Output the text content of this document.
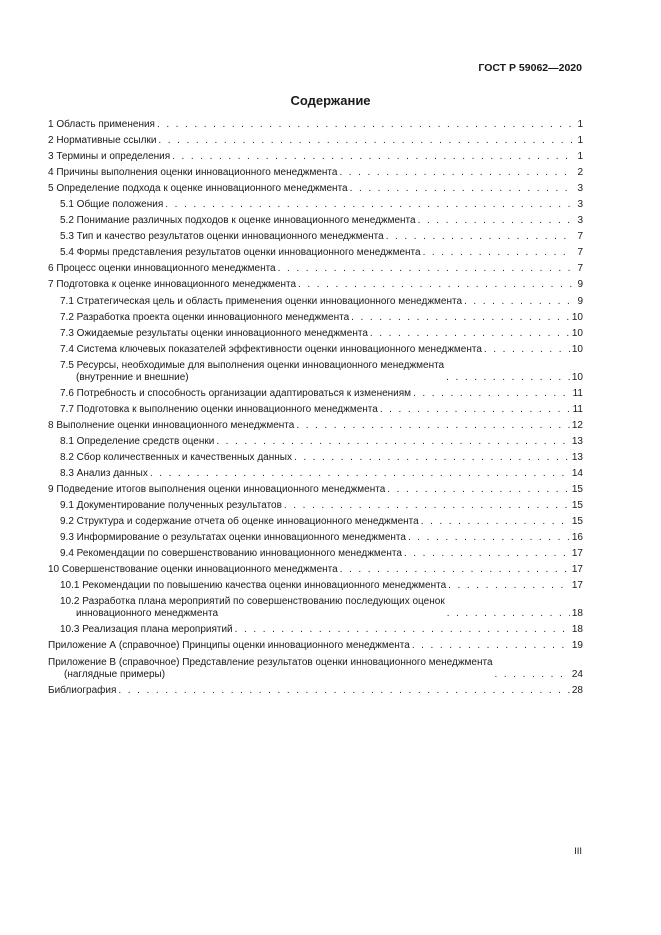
ГОСТ Р 59062—2020
Содержание
1 Область применения . . .	1
2 Нормативные ссылки . . .	1
3 Термины и определения . . .	1
4 Причины выполнения оценки инновационного менеджмента . . .	2
5 Определение подхода к оценке инновационного менеджмента . . .	3
5.1 Общие положения . . .	3
5.2 Понимание различных подходов к оценке инновационного менеджмента . . .	3
5.3 Тип и качество результатов оценки инновационного менеджмента . . .	7
5.4 Формы представления результатов оценки инновационного менеджмента . . .	7
6 Процесс оценки инновационного менеджмента . . .	7
7 Подготовка к оценке инновационного менеджмента . . .	9
7.1 Стратегическая цель и область применения оценки инновационного менеджмента . . .	9
7.2 Разработка проекта оценки инновационного менеджмента . . .	10
7.3 Ожидаемые результаты оценки инновационного менеджмента . . .	10
7.4 Система ключевых показателей эффективности оценки инновационного менеджмента . . .	10
7.5 Ресурсы, необходимые для выполнения оценки инновационного менеджмента
(внутренние и внешние) . . .	10
7.6 Потребность и способность организации адаптироваться к изменениям . . .	11
7.7 Подготовка к выполнению оценки инновационного менеджмента . . .	11
8 Выполнение оценки инновационного менеджмента . . .	12
8.1 Определение средств оценки . . .	13
8.2 Сбор количественных и качественных данных . . .	13
8.3 Анализ данных . . .	14
9 Подведение итогов выполнения оценки инновационного менеджмента . . .	15
9.1 Документирование полученных результатов . . .	15
9.2 Структура и содержание отчета об оценке инновационного менеджмента . . .	15
9.3 Информирование о результатах оценки инновационного менеджмента . . .	16
9.4 Рекомендации по совершенствованию инновационного менеджмента . . .	17
10 Совершенствование оценки инновационного менеджмента . . .	17
10.1 Рекомендации по повышению качества оценки инновационного менеджмента . . .	17
10.2 Разработка плана мероприятий по совершенствованию последующих оценок
инновационного менеджмента . . .	18
10.3 Реализация плана мероприятий . . .	18
Приложение А (справочное) Принципы оценки инновационного менеджмента . . .	19
Приложение В (справочное) Представление результатов оценки инновационного менеджмента
(наглядные примеры) . . .	24
Библиография . . .	28
III
